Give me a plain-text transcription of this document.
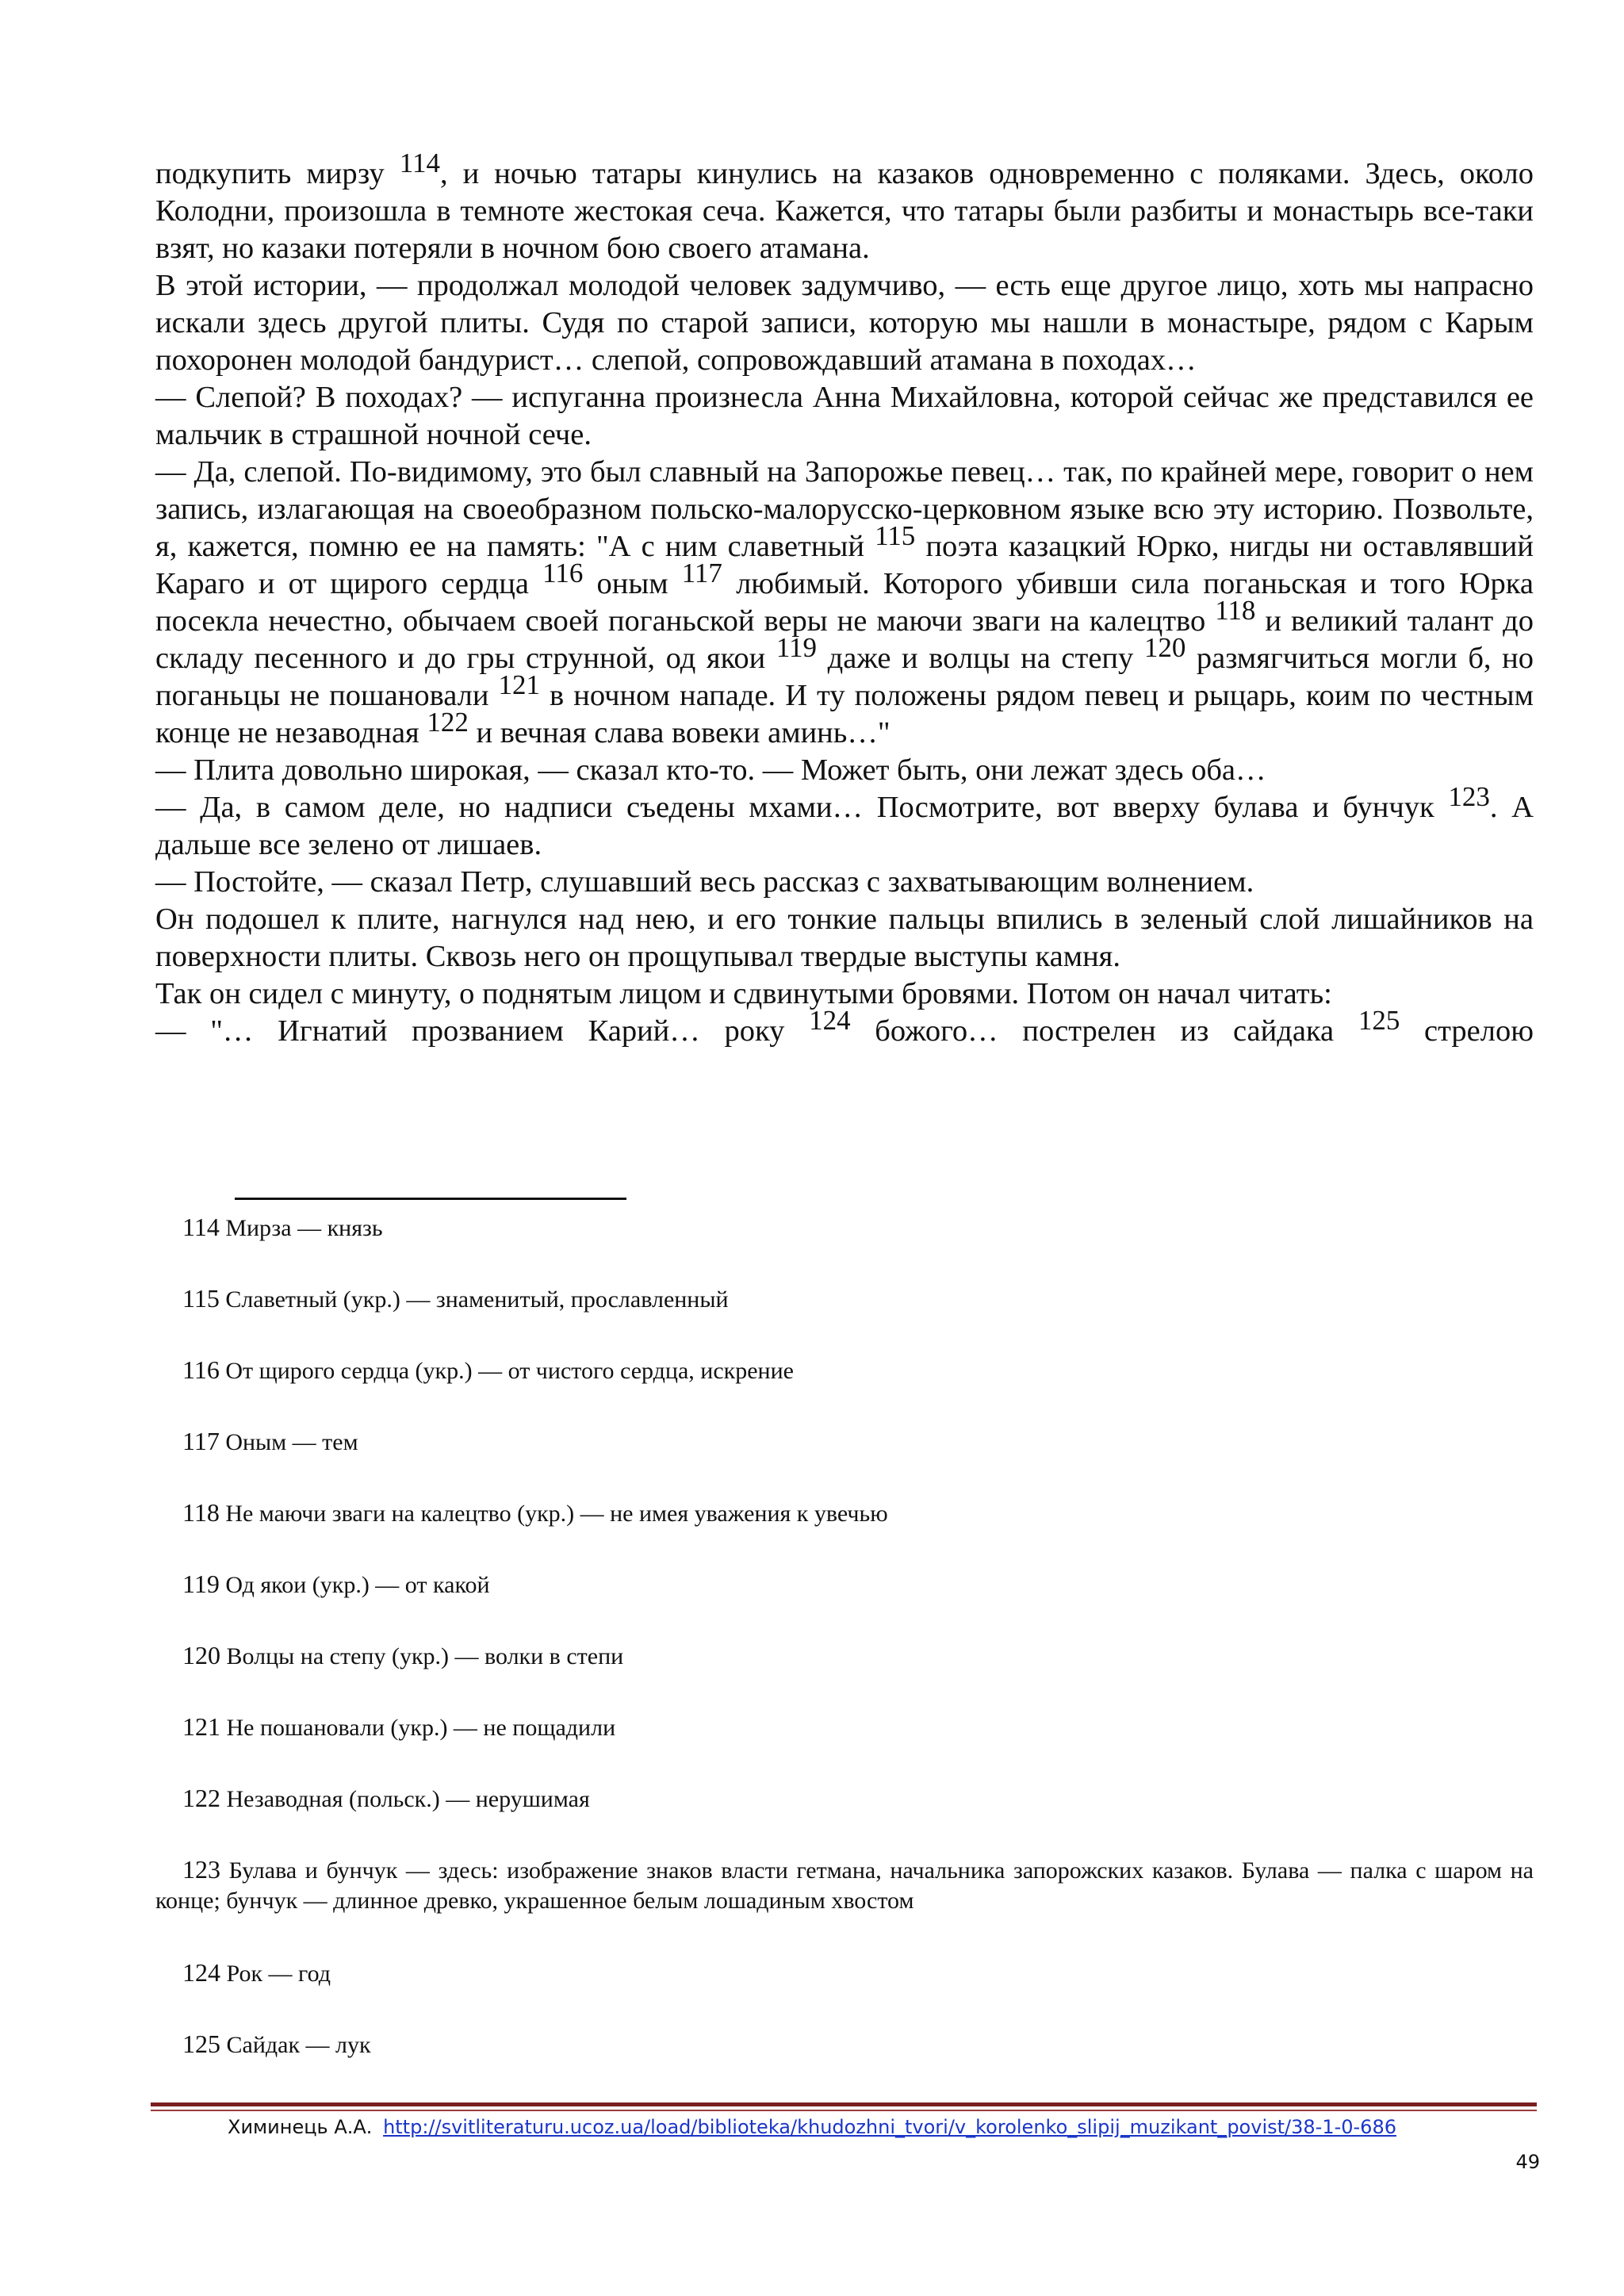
подкупить мирзу 114, и ночью татары кинулись на казаков одновременно с поляками. Здесь, около Колодни, произошла в темноте жестокая сеча. Кажется, что татары были разбиты и монастырь все-таки взят, но казаки потеряли в ночном бою своего атамана.

В этой истории, — продолжал молодой человек задумчиво, — есть еще другое лицо, хоть мы напрасно искали здесь другой плиты. Судя по старой записи, которую мы нашли в монастыре, рядом с Карым похоронен молодой бандурист… слепой, сопровождавший атамана в походах…

— Слепой? В походах? — испуганна произнесла Анна Михайловна, которой сейчас же представился ее мальчик в страшной ночной сече.

— Да, слепой. По-видимому, это был славный на Запорожье певец… так, по крайней мере, говорит о нем запись, излагающая на своеобразном польско-малорусско-церковном языке всю эту историю. Позвольте, я, кажется, помню ее на память: "А с ним славетный 115 поэта казацкий Юрко, нигды ни оставлявший Караго и от щирого сердца 116 оным 117 любимый. Которого убивши сила поганьская и того Юрка посекла нечестно, обычаем своей поганьской веры не маючи зваги на калецтво 118 и великий талант до складу песенного и до гры струнной, од якои 119 даже и волцы на степу 120 размягчиться могли б, но поганьцы не пошановали 121 в ночном нападе. И ту положены рядом певец и рыцарь, коим по честным конце не незаводная 122 и вечная слава вовеки аминь…"

— Плита довольно широкая, — сказал кто-то. — Может быть, они лежат здесь оба…

— Да, в самом деле, но надписи съедены мхами… Посмотрите, вот вверху булава и бунчук 123. А дальше все зелено от лишаев.

— Постойте, — сказал Петр, слушавший весь рассказ с захватывающим волнением.

Он подошел к плите, нагнулся над нею, и его тонкие пальцы впились в зеленый слой лишайников на поверхности плиты. Сквозь него он прощупывал твердые выступы камня.

Так он сидел с минуту, о поднятым лицом и сдвинутыми бровями. Потом он начал читать:

— "… Игнатий прозванием Карий… року 124 божого… пострелен из сайдака 125 стрелою

114 Мирза — князь
115 Славетный (укр.) — знаменитый, прославленный
116 От щирого сердца (укр.) — от чистого сердца, искрение
117 Оным — тем
118 Не маючи зваги на калецтво (укр.) — не имея уважения к увечью
119 Од якои (укр.) — от какой
120 Волцы на степу (укр.) — волки в степи
121 Не пошановали (укр.) — не пощадили
122 Незаводная (польск.) — нерушимая
123 Булава и бунчук — здесь: изображение знаков власти гетмана, начальника запорожских казаков. Булава — палка с шаром на конце; бунчук — длинное древко, украшенное белым лошадиным хвостом
124 Рок — год
125 Сайдак — лук
Химинець А.А. http://svitliteraturu.ucoz.ua/load/biblioteka/khudozhni_tvori/v_korolenko_slipij_muzikant_povist/38-1-0-686
49
